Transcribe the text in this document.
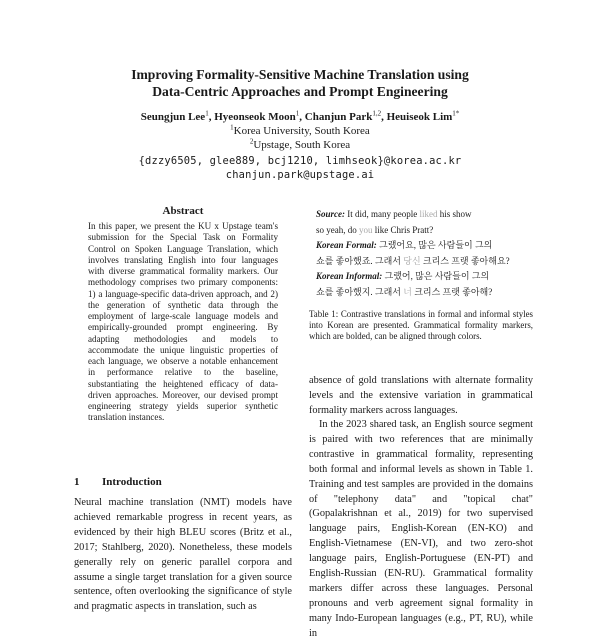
Improving Formality-Sensitive Machine Translation using
Data-Centric Approaches and Prompt Engineering
Seungjun Lee$^1$, Hyeonseok Moon$^1$, Chanjun Park$^{1,2}$, Heuiseok Lim$^{1*}$
$^1$Korea University, South Korea
$^2$Upstage, South Korea
{dzzy6505, glee889, bcj1210, limhseok}@korea.ac.kr
chanjun.park@upstage.ai
Abstract
In this paper, we present the KU x Upstage team's submission for the Special Task on Formality Control on Spoken Language Translation, which involves translating English into four languages with diverse grammatical formality markers. Our methodology comprises two primary components: 1) a language-specific data-driven approach, and 2) the generation of synthetic data through the employment of large-scale language models and empirically-grounded prompt engineering. By adapting methodologies and models to accommodate the unique linguistic properties of each language, we observe a notable enhancement in performance relative to the baseline, substantiating the heightened efficacy of data-driven approaches. Moreover, our devised prompt engineering strategy yields superior synthetic translation instances.
1 Introduction
Neural machine translation (NMT) models have achieved remarkable progress in recent years, as evidenced by their high BLEU scores (Britz et al., 2017; Stahlberg, 2020). Nonetheless, these models generally rely on generic parallel corpora and assume a single target translation for a given source sentence, often overlooking the significance of style and pragmatic aspects in translation, such as
Source: It did, many people liked his show
so yeah, do you like Chris Pratt?
Korean Formal: 그랬어요, 많은 사람들이 그의
쇼를 좋아했죠. 그래서 당신 크리스 프랫 좋아해요?
Korean Informal: 그랬어, 많은 사람들이 그의
쇼를 좋아했지. 그래서 너 크리스 프랫 좋아해?
Table 1: Contrastive translations in formal and informal styles into Korean are presented. Grammatical formality markers, which are bolded, can be aligned through colors.
absence of gold translations with alternate formality levels and the extensive variation in grammatical formality markers across languages.
In the 2023 shared task, an English source segment is paired with two references that are minimally contrastive in grammatical formality, representing both formal and informal levels as shown in Table 1. Training and test samples are provided in the domains of "telephony data" and "topical chat" (Gopalakrishnan et al., 2019) for two supervised language pairs, English-Korean (EN-KO) and English-Vietnamese (EN-VI), and two zero-shot language pairs, English-Portuguese (EN-PT) and English-Russian (EN-RU). Grammatical formality markers differ across these languages. Personal pronouns and verb agreement signal formality in many Indo-European languages (e.g., PT, RU), while in
